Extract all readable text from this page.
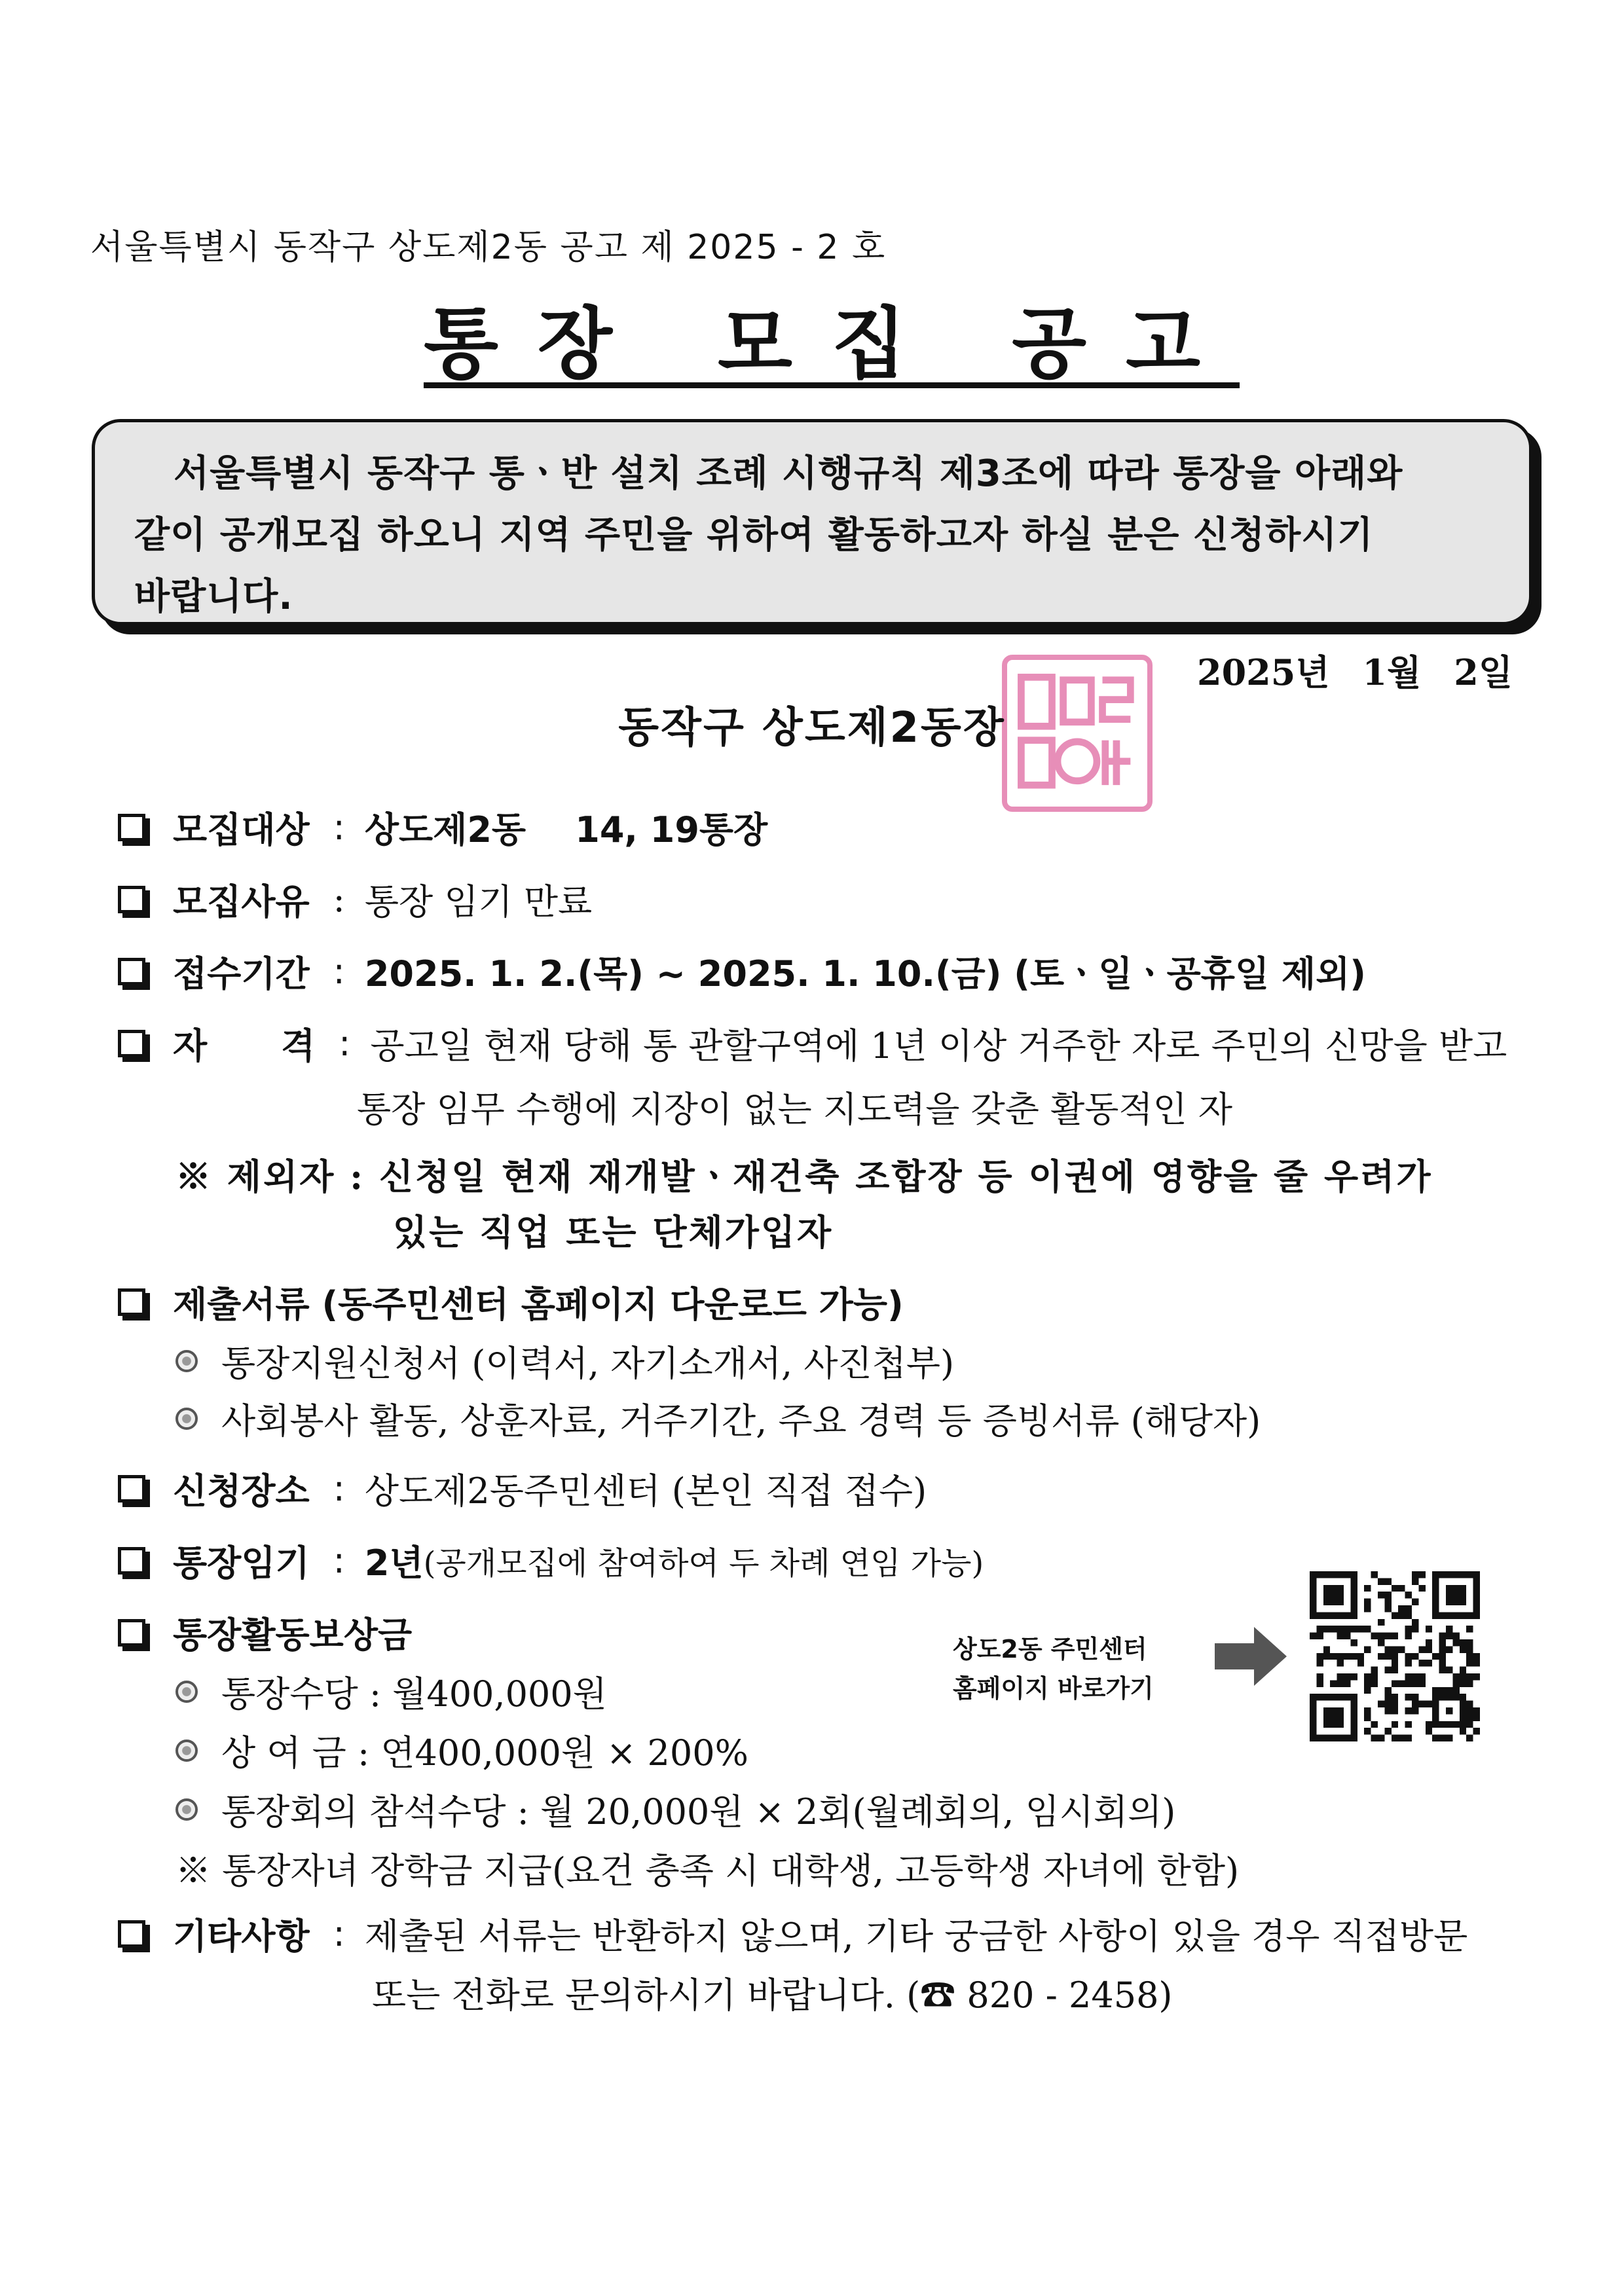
서울특별시 동작구 상도제2동 공고 제 2025 - 2 호
통장 모집 공고
서울특별시 동작구 통ㆍ반 설치 조례 시행규칙 제3조에 따라 통장을 아래와
같이 공개모집 하오니 지역 주민을 위하여 활동하고자 하실 분은 신청하시기
바랍니다.
2025년 1월 2일
동작구 상도제2동장
모집대상 : 상도제2동    14, 19통장
모집사유 : 통장 임기 만료
접수기간 : 2025. 1. 2.(목) ~ 2025. 1. 10.(금) (토ㆍ일ㆍ공휴일 제외)
자      격 : 공고일 현재 당해 통 관할구역에 1년 이상 거주한 자로 주민의 신망을 받고
통장 임무 수행에 지장이 없는 지도력을 갖춘 활동적인 자
※ 제외자 : 신청일 현재 재개발ㆍ재건축 조합장 등 이권에 영향을 줄 우려가
있는 직업 또는 단체가입자
제출서류 (동주민센터 홈페이지 다운로드 가능)
통장지원신청서 (이력서, 자기소개서, 사진첩부)
사회봉사 활동, 상훈자료, 거주기간, 주요 경력 등 증빙서류 (해당자)
신청장소 : 상도제2동주민센터 (본인 직접 접수)
통장임기 : 2년 (공개모집에 참여하여 두 차례 연임 가능)
통장활동보상금
통장수당 : 월400,000원
상 여 금 : 연400,000원 × 200%
통장회의 참석수당 : 월 20,000원 × 2회(월례회의, 임시회의)
※ 통장자녀 장학금 지급(요건 충족 시 대학생, 고등학생 자녀에 한함)
상도2동 주민센터
홈페이지 바로가기
기타사항 : 제출된 서류는 반환하지 않으며, 기타 궁금한 사항이 있을 경우 직접방문
또는 전화로 문의하시기 바랍니다. (☎ 820 - 2458)
